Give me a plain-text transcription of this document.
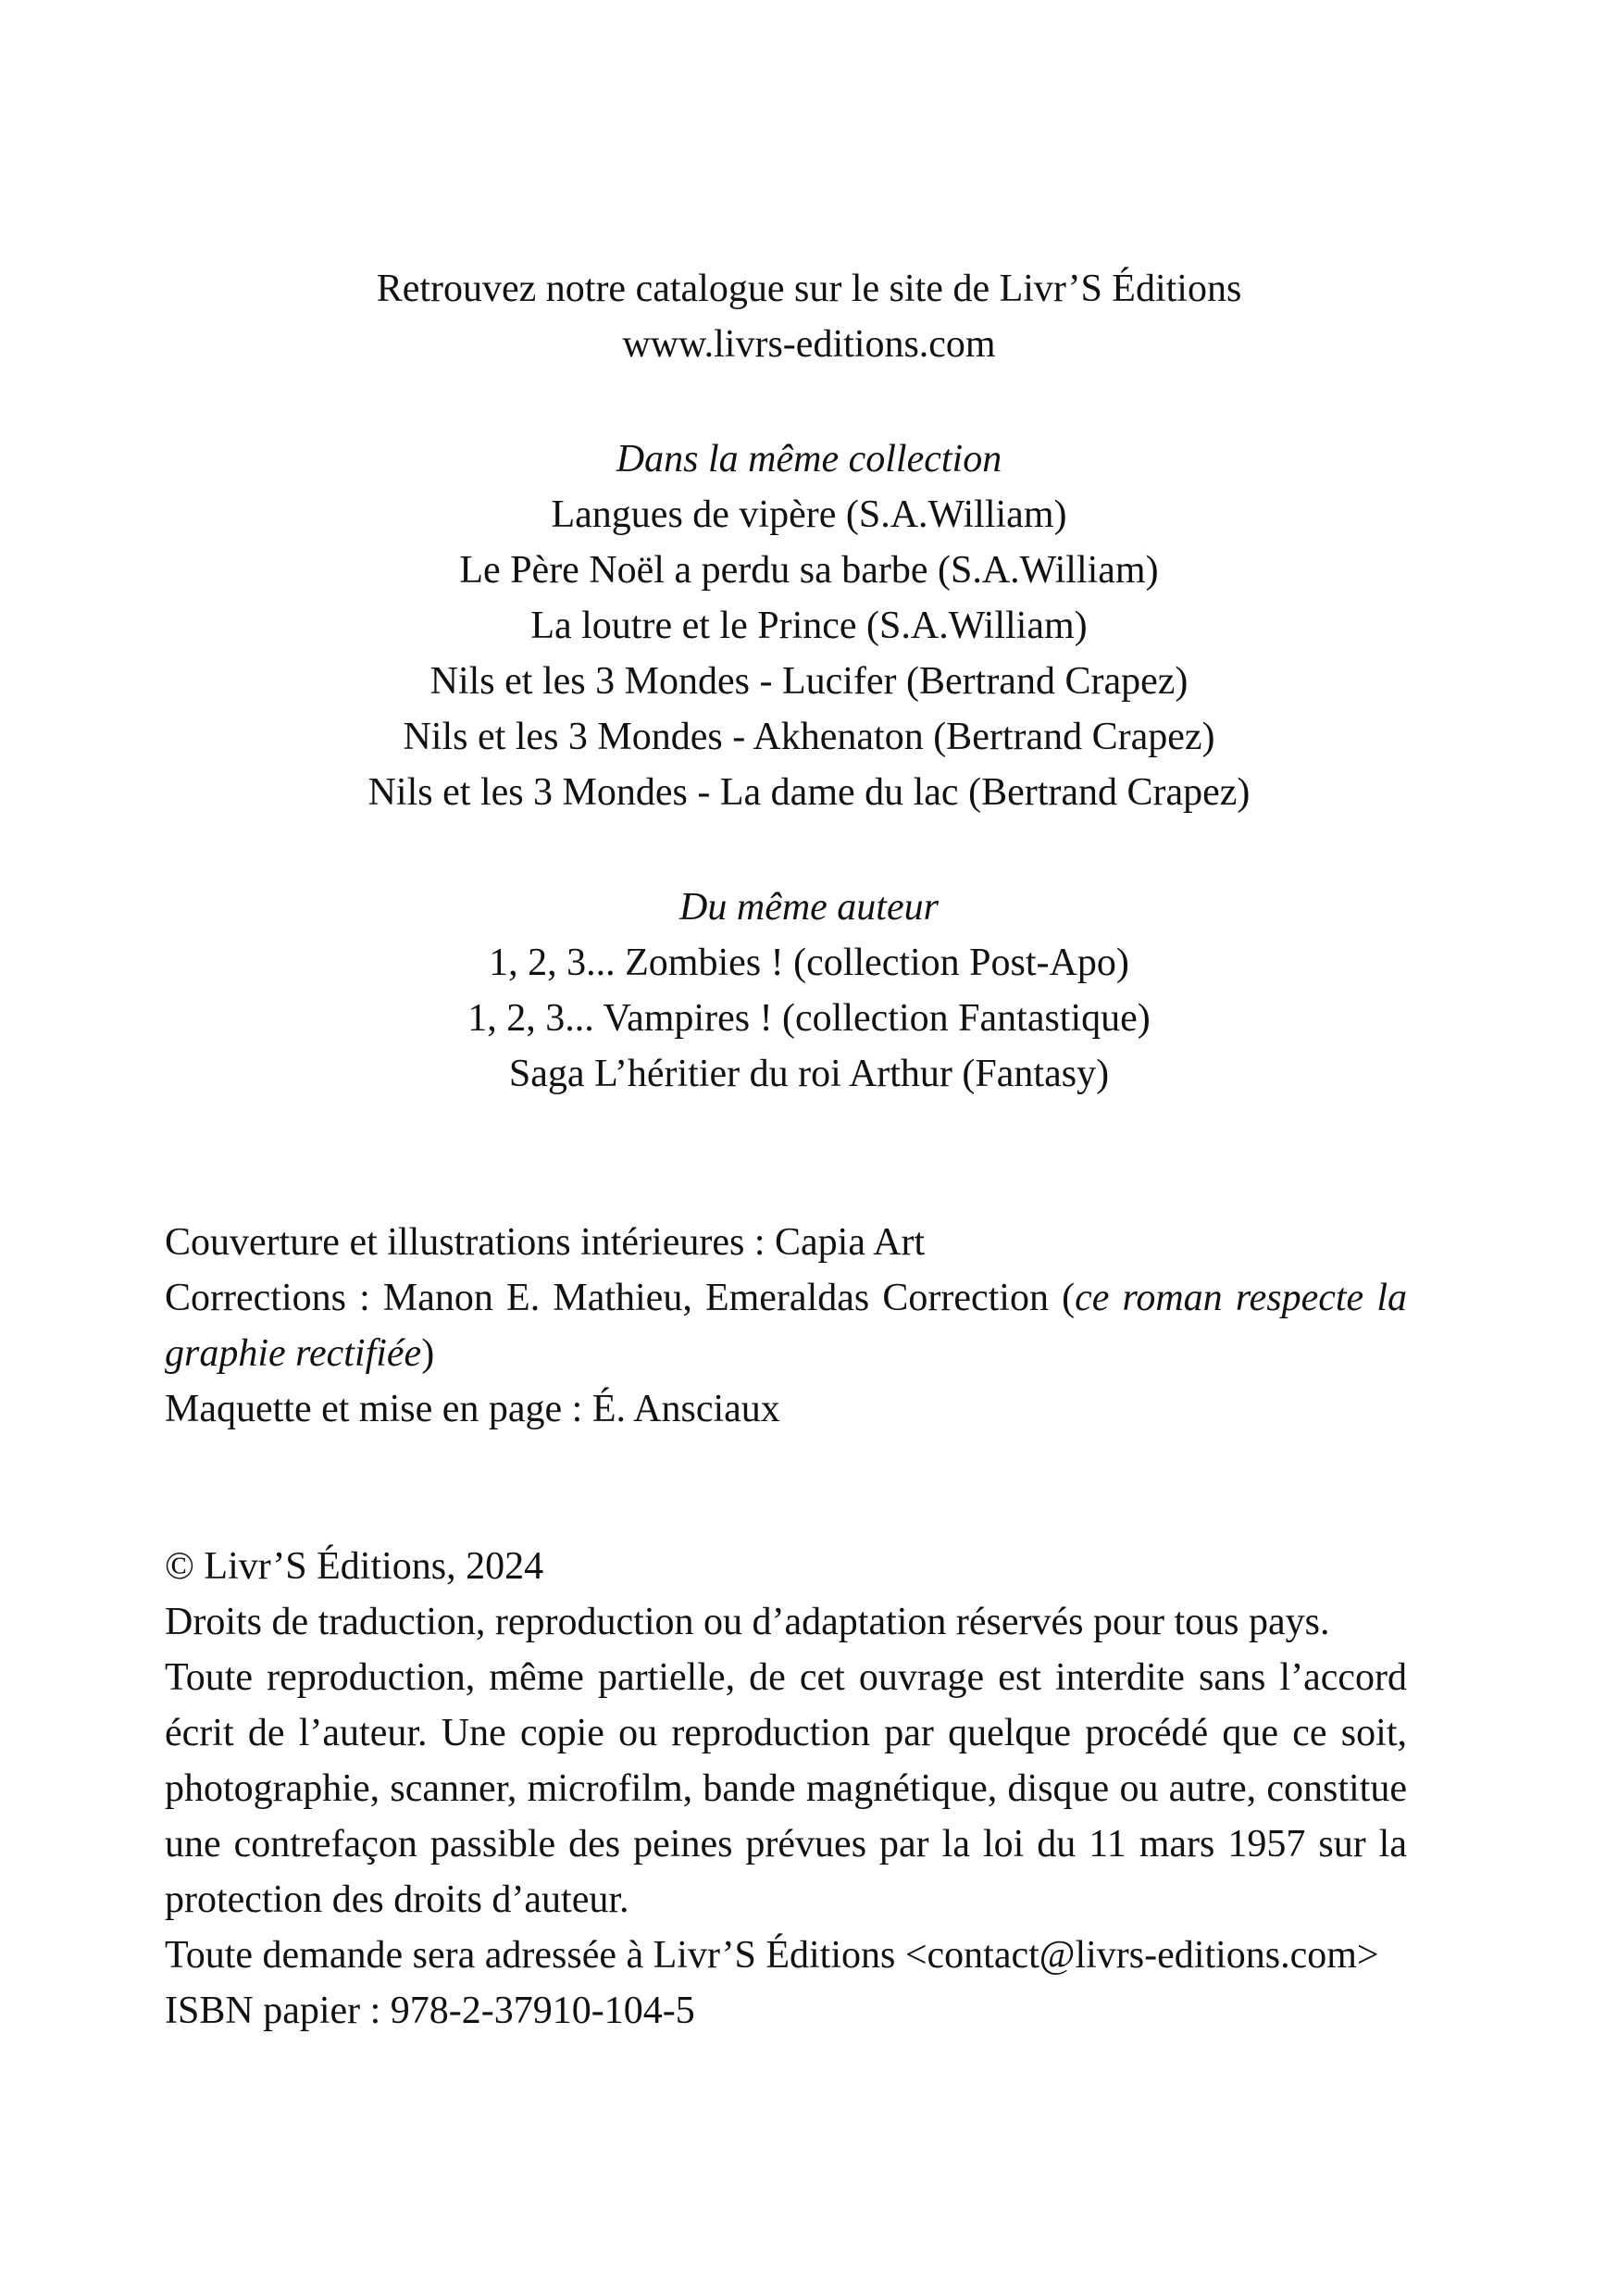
Retrouvez notre catalogue sur le site de Livr’S Éditions
www.livrs-editions.com
Dans la même collection
Langues de vipère (S.A.William)
Le Père Noël a perdu sa barbe (S.A.William)
La loutre et le Prince (S.A.William)
Nils et les 3 Mondes - Lucifer (Bertrand Crapez)
Nils et les 3 Mondes - Akhenaton (Bertrand Crapez)
Nils et les 3 Mondes - La dame du lac (Bertrand Crapez)
Du même auteur
1, 2, 3... Zombies ! (collection Post-Apo)
1, 2, 3... Vampires ! (collection Fantastique)
Saga L’héritier du roi Arthur (Fantasy)

Couverture et illustrations intérieures : Capia Art

Corrections : Manon E. Mathieu, Emeraldas Correction (ce roman respecte la graphie rectifiée)

Maquette et mise en page : É. Ansciaux

© Livr’S Éditions, 2024

Droits de traduction, reproduction ou d’adaptation réservés pour tous pays.

Toute reproduction, même partielle, de cet ouvrage est interdite sans l’accord écrit de l’auteur. Une copie ou reproduction par quelque procédé que ce soit, photographie, scanner, microfilm, bande magnétique, disque ou autre, constitue une contrefaçon passible des peines prévues par la loi du 11 mars 1957 sur la protection des droits d’auteur.

Toute demande sera adressée à Livr’S Éditions <contact@livrs-editions.com>

ISBN papier : 978-2-37910-104-5
